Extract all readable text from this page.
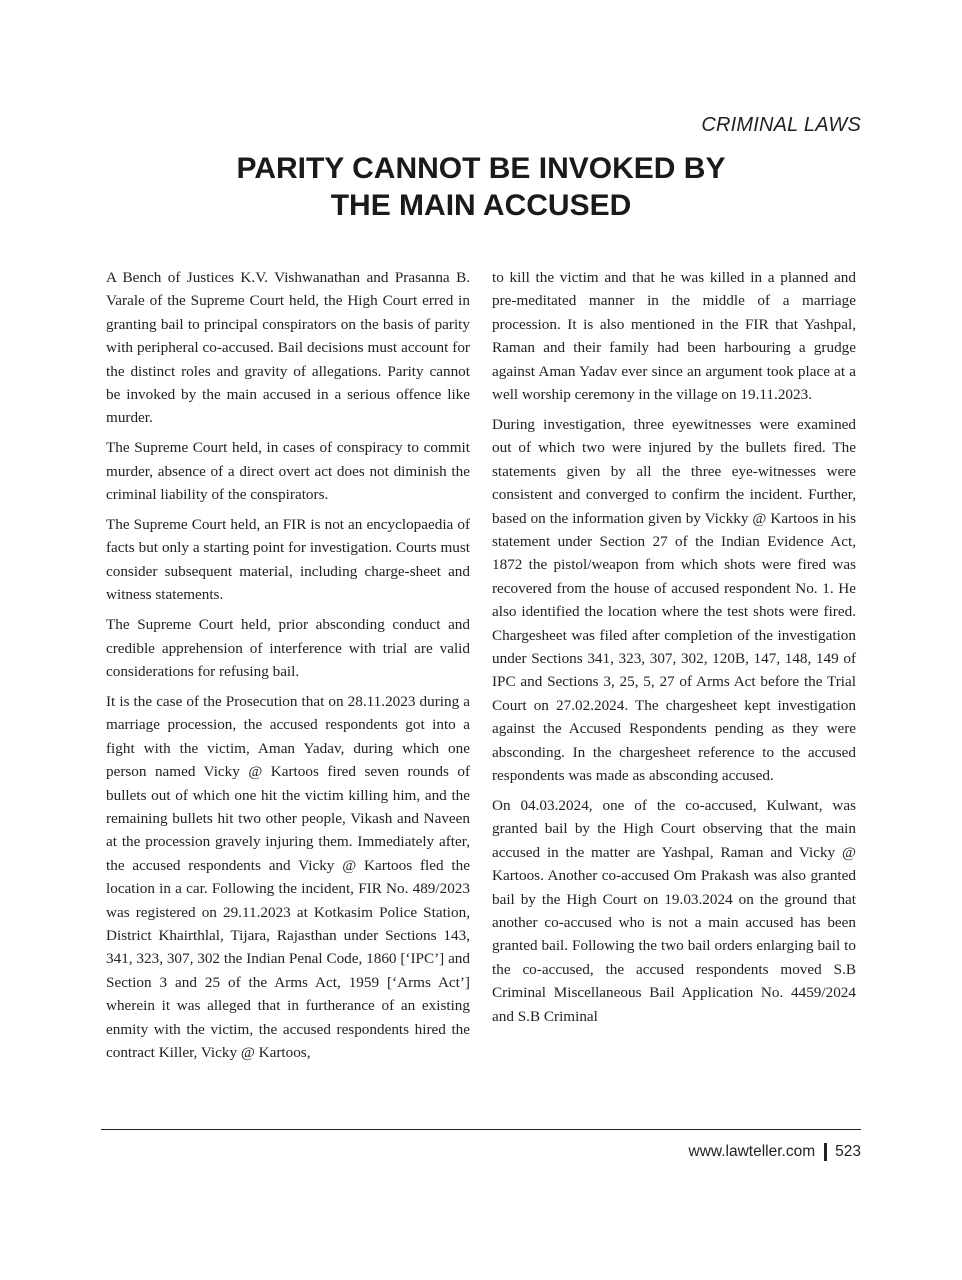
CRIMINAL LAWS
PARITY CANNOT BE INVOKED BY
THE MAIN ACCUSED

A Bench of Justices K.V. Vishwanathan and Prasanna B. Varale of the Supreme Court held, the High Court erred in granting bail to principal conspirators on the basis of parity with peripheral co-accused. Bail decisions must account for the distinct roles and gravity of allegations. Parity cannot be invoked by the main accused in a serious offence like murder.

The Supreme Court held, in cases of conspiracy to commit murder, absence of a direct overt act does not diminish the criminal liability of the conspirators.

The Supreme Court held, an FIR is not an encyclopaedia of facts but only a starting point for investigation. Courts must consider subsequent material, including charge-sheet and witness statements.

The Supreme Court held, prior absconding conduct and credible apprehension of interference with trial are valid considerations for refusing bail.

It is the case of the Prosecution that on 28.11.2023 during a marriage procession, the accused respondents got into a fight with the victim, Aman Yadav, during which one person named Vicky @ Kartoos fired seven rounds of bullets out of which one hit the victim killing him, and the remaining bullets hit two other people, Vikash and Naveen at the procession gravely injuring them. Immediately after, the accused respondents and Vicky @ Kartoos fled the location in a car. Following the incident, FIR No. 489/2023 was registered on 29.11.2023 at Kotkasim Police Station, District Khairthlal, Tijara, Rajasthan under Sections 143, 341, 323, 307, 302 the Indian Penal Code, 1860 [‘IPC’] and Section 3 and 25 of the Arms Act, 1959 [‘Arms Act’] wherein it was alleged that in furtherance of an existing enmity with the victim, the accused respondents hired the contract Killer, Vicky @ Kartoos,

to kill the victim and that he was killed in a planned and pre-meditated manner in the middle of a marriage procession. It is also mentioned in the FIR that Yashpal, Raman and their family had been harbouring a grudge against Aman Yadav ever since an argument took place at a well worship ceremony in the village on 19.11.2023.

During investigation, three eyewitnesses were examined out of which two were injured by the bullets fired. The statements given by all the three eye-witnesses were consistent and converged to confirm the incident. Further, based on the information given by Vickky @ Kartoos in his statement under Section 27 of the Indian Evidence Act, 1872 the pistol/weapon from which shots were fired was recovered from the house of accused respondent No. 1. He also identified the location where the test shots were fired. Chargesheet was filed after completion of the investigation under Sections 341, 323, 307, 302, 120B, 147, 148, 149 of IPC and Sections 3, 25, 5, 27 of Arms Act before the Trial Court on 27.02.2024. The chargesheet kept investigation against the Accused Respondents pending as they were absconding. In the chargesheet reference to the accused respondents was made as absconding accused.

On 04.03.2024, one of the co-accused, Kulwant, was granted bail by the High Court observing that the main accused in the matter are Yashpal, Raman and Vicky @ Kartoos. Another co-accused Om Prakash was also granted bail by the High Court on 19.03.2024 on the ground that another co-accused who is not a main accused has been granted bail. Following the two bail orders enlarging bail to the co-accused, the accused respondents moved S.B Criminal Miscellaneous Bail Application No. 4459/2024 and S.B Criminal

www.lawteller.com 523
